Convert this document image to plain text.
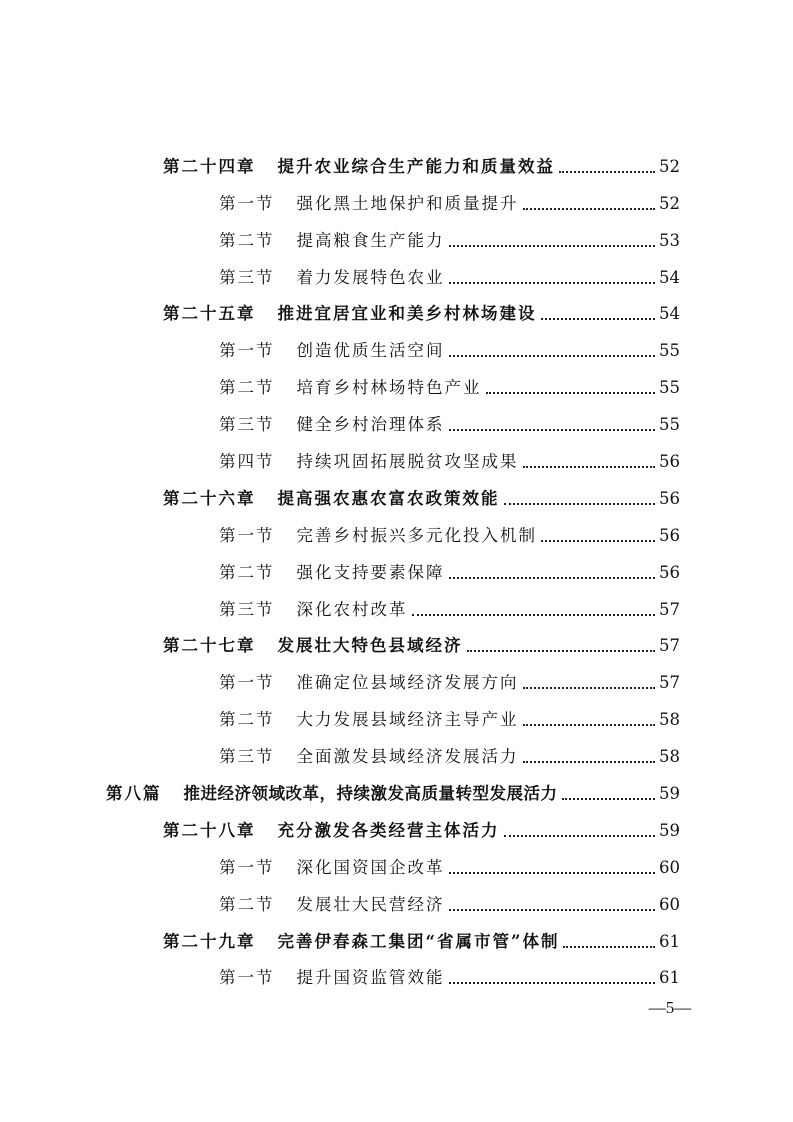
第二十四章 提升农业综合生产能力和质量效益	52
第一节 强化黑土地保护和质量提升	52
第二节 提高粮食生产能力	53
第三节 着力发展特色农业	54
第二十五章 推进宜居宜业和美乡村林场建设	54
第一节 创造优质生活空间	55
第二节 培育乡村林场特色产业	55
第三节 健全乡村治理体系	55
第四节 持续巩固拓展脱贫攻坚成果	56
第二十六章 提高强农惠农富农政策效能	56
第一节 完善乡村振兴多元化投入机制	56
第二节 强化支持要素保障	56
第三节 深化农村改革	57
第二十七章 发展壮大特色县域经济	57
第一节 准确定位县域经济发展方向	57
第二节 大力发展县域经济主导产业	58
第三节 全面激发县域经济发展活力	58
第八篇 推进经济领域改革，持续激发高质量转型发展活力	59
第二十八章 充分激发各类经营主体活力	59
第一节 深化国资国企改革	60
第二节 发展壮大民营经济	60
第二十九章 完善伊春森工集团“省属市管”体制	61
第一节 提升国资监管效能	61
—5—
